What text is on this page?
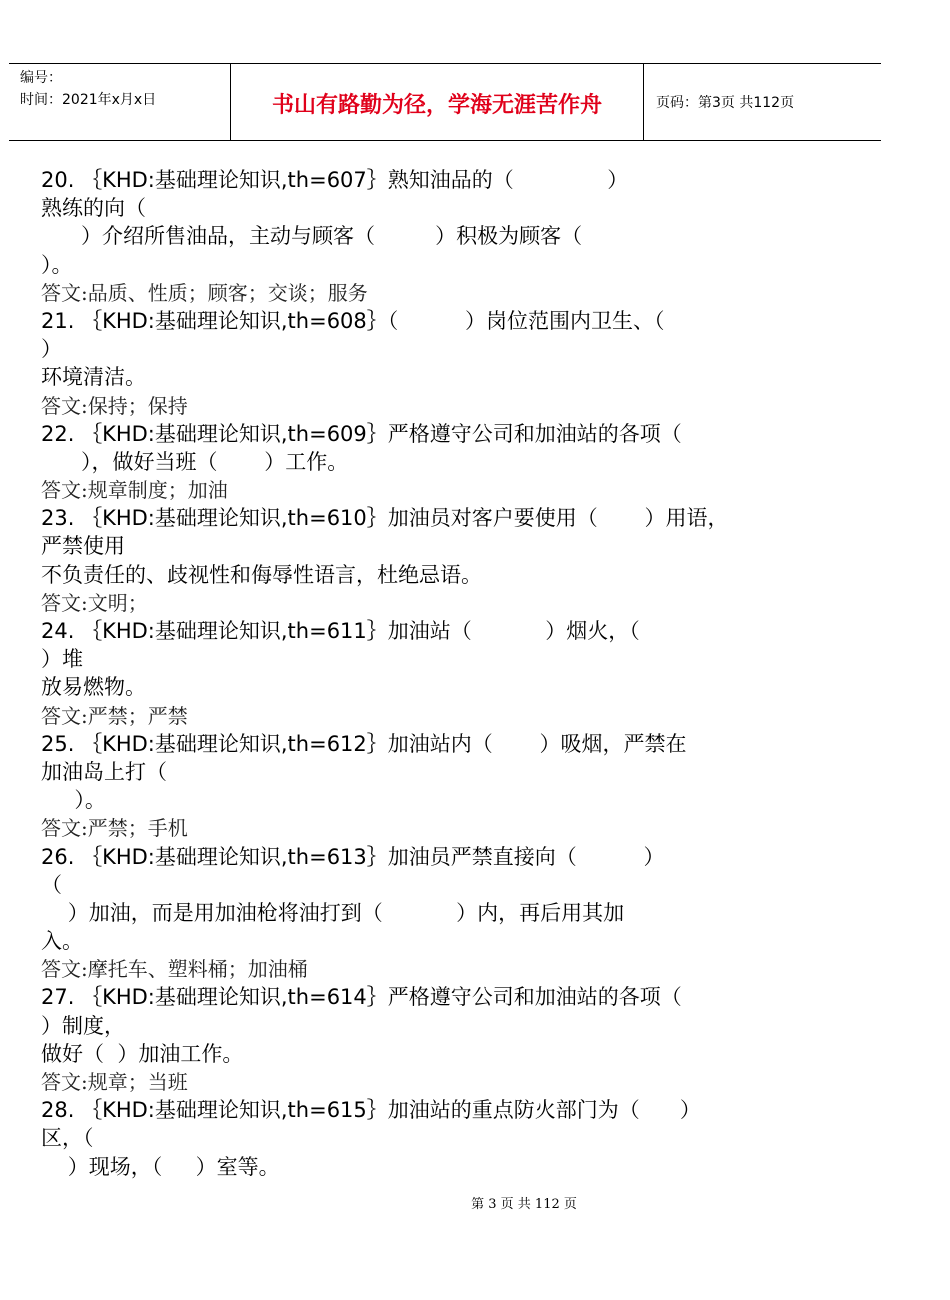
编号：
时间：2021年x月x日	书山有路勤为径，学海无涯苦作舟	页码：第3页 共112页
20. ｛KHD:基础理论知识,th=607｝熟知油品的（              ）
熟练的向（
）介绍所售油品，主动与顾客（         ）积极为顾客（
）。
答文:品质、性质；顾客；交谈；服务
21. ｛KHD:基础理论知识,th=608｝（          ）岗位范围内卫生、（
）
环境清洁。
答文:保持；保持
22. ｛KHD:基础理论知识,th=609｝严格遵守公司和加油站的各项（
），做好当班（       ）工作。
答文:规章制度；加油
23. ｛KHD:基础理论知识,th=610｝加油员对客户要使用（       ）用语，
严禁使用
不负责任的、歧视性和侮辱性语言，杜绝忌语。
答文:文明；
24. ｛KHD:基础理论知识,th=611｝加油站（           ）烟火，（
）堆
放易燃物。
答文:严禁；严禁
25. ｛KHD:基础理论知识,th=612｝加油站内（       ）吸烟，严禁在
加油岛上打（
）。
答文:严禁；手机
26. ｛KHD:基础理论知识,th=613｝加油员严禁直接向（          ）
（
）加油，而是用加油枪将油打到（           ）内，再后用其加
入。
答文:摩托车、塑料桶；加油桶
27. ｛KHD:基础理论知识,th=614｝严格遵守公司和加油站的各项（
）制度，
做好（  ）加油工作。
答文:规章；当班
28. ｛KHD:基础理论知识,th=615｝加油站的重点防火部门为（      ）
区，（
）现场，（     ）室等。
第 3 页 共 112 页
